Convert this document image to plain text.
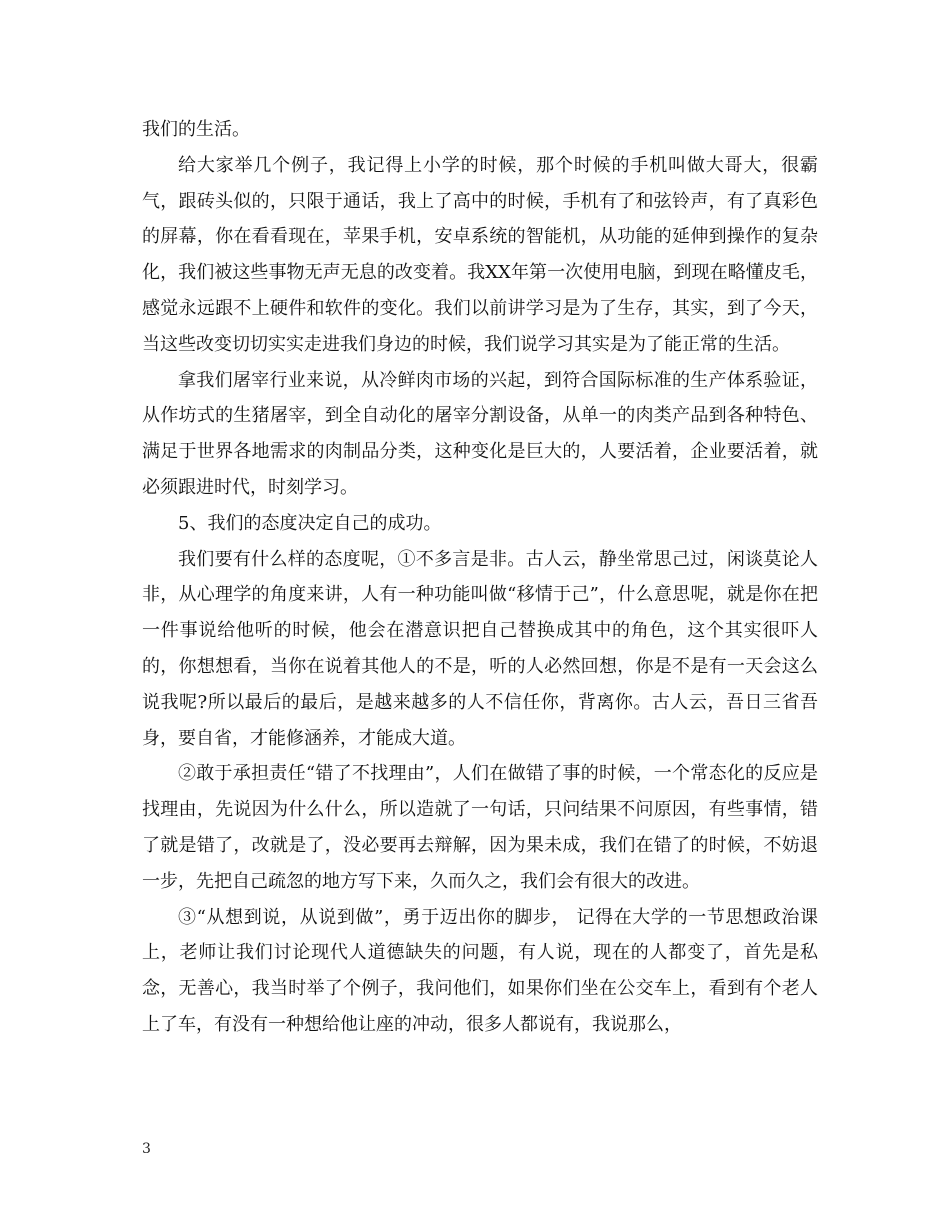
我们的生活。

给大家举几个例子，我记得上小学的时候，那个时候的手机叫做大哥大，很霸气，跟砖头似的，只限于通话，我上了高中的时候，手机有了和弦铃声，有了真彩色的屏幕，你在看看现在，苹果手机，安卓系统的智能机，从功能的延伸到操作的复杂化，我们被这些事物无声无息的改变着。我XX年第一次使用电脑，到现在略懂皮毛，感觉永远跟不上硬件和软件的变化。我们以前讲学习是为了生存，其实，到了今天，当这些改变切切实实走进我们身边的时候，我们说学习其实是为了能正常的生活。

拿我们屠宰行业来说，从冷鲜肉市场的兴起，到符合国际标准的生产体系验证，从作坊式的生猪屠宰，到全自动化的屠宰分割设备，从单一的肉类产品到各种特色、满足于世界各地需求的肉制品分类，这种变化是巨大的，人要活着，企业要活着，就必须跟进时代，时刻学习。

5、我们的态度决定自己的成功。

我们要有什么样的态度呢，①不多言是非。古人云，静坐常思己过，闲谈莫论人非，从心理学的角度来讲，人有一种功能叫做“移情于己”，什么意思呢，就是你在把一件事说给他听的时候，他会在潜意识把自己替换成其中的角色，这个其实很吓人的，你想想看，当你在说着其他人的不是，听的人必然回想，你是不是有一天会这么说我呢?所以最后的最后，是越来越多的人不信任你，背离你。古人云，吾日三省吾身，要自省，才能修涵养，才能成大道。

②敢于承担责任“错了不找理由”，人们在做错了事的时候，一个常态化的反应是找理由，先说因为什么什么，所以造就了一句话，只问结果不问原因，有些事情，错了就是错了，改就是了，没必要再去辩解，因为果未成，我们在错了的时候，不妨退一步，先把自己疏忽的地方写下来，久而久之，我们会有很大的改进。

③“从想到说，从说到做”，勇于迈出你的脚步， 记得在大学的一节思想政治课上，老师让我们讨论现代人道德缺失的问题，有人说，现在的人都变了，首先是私念，无善心，我当时举了个例子，我问他们，如果你们坐在公交车上，看到有个老人上了车，有没有一种想给他让座的冲动，很多人都说有，我说那么，

3
